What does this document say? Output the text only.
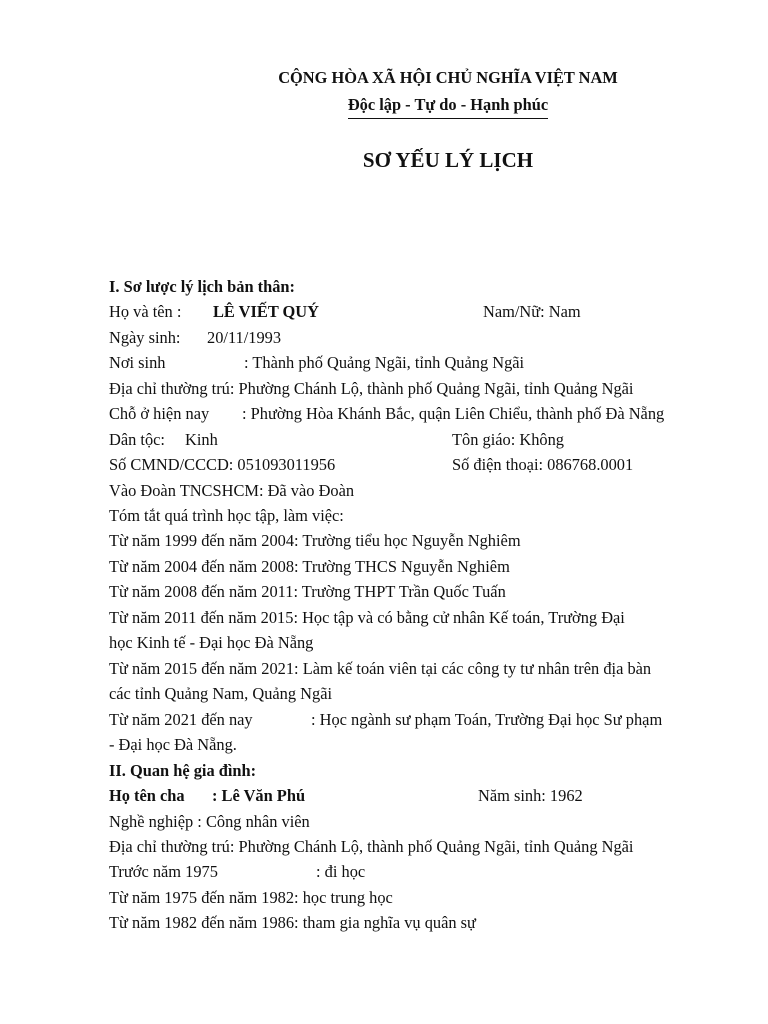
CỘNG HÒA XÃ HỘI CHỦ NGHĨA VIỆT NAM
Độc lập - Tự do - Hạnh phúc
SƠ YẾU LÝ LỊCH
I. Sơ lược lý lịch bản thân:
Họ và tên : LÊ VIẾT QUÝ	Nam/Nữ: Nam
Ngày sinh: 20/11/1993
Nơi sinh	: Thành phố Quảng Ngãi, tỉnh Quảng Ngãi
Địa chỉ thường trú: Phường Chánh Lộ, thành phố Quảng Ngãi, tỉnh Quảng Ngãi
Chỗ ở hiện nay : Phường Hòa Khánh Bắc, quận Liên Chiểu, thành phố Đà Nẵng
Dân tộc: Kinh	Tôn giáo: Không
Số CMND/CCCD: 051093011956	Số điện thoại: 086768.0001
Vào Đoàn TNCSHCM: Đã vào Đoàn
Tóm tắt quá trình học tập, làm việc:
Từ năm 1999 đến năm 2004: Trường tiểu học Nguyễn Nghiêm
Từ năm 2004 đến năm 2008: Trường THCS Nguyễn Nghiêm
Từ năm 2008 đến năm 2011: Trường THPT Trần Quốc Tuấn
Từ năm 2011 đến năm 2015: Học tập và có bằng cử nhân Kế toán, Trường Đại
học Kinh tế - Đại học Đà Nẵng
Từ năm 2015 đến năm 2021: Làm kế toán viên tại các công ty tư nhân trên địa bàn
các tỉnh Quảng Nam, Quảng Ngãi
Từ năm 2021 đến nay	: Học ngành sư phạm Toán, Trường Đại học Sư phạm
- Đại học Đà Nẵng.
II. Quan hệ gia đình:
Họ tên cha : Lê Văn Phú	Năm sinh: 1962
Nghề nghiệp : Công nhân viên
Địa chỉ thường trú: Phường Chánh Lộ, thành phố Quảng Ngãi, tỉnh Quảng Ngãi
Trước năm 1975	: đi học
Từ năm 1975 đến năm 1982: học trung học
Từ năm 1982 đến năm 1986: tham gia nghĩa vụ quân sự
